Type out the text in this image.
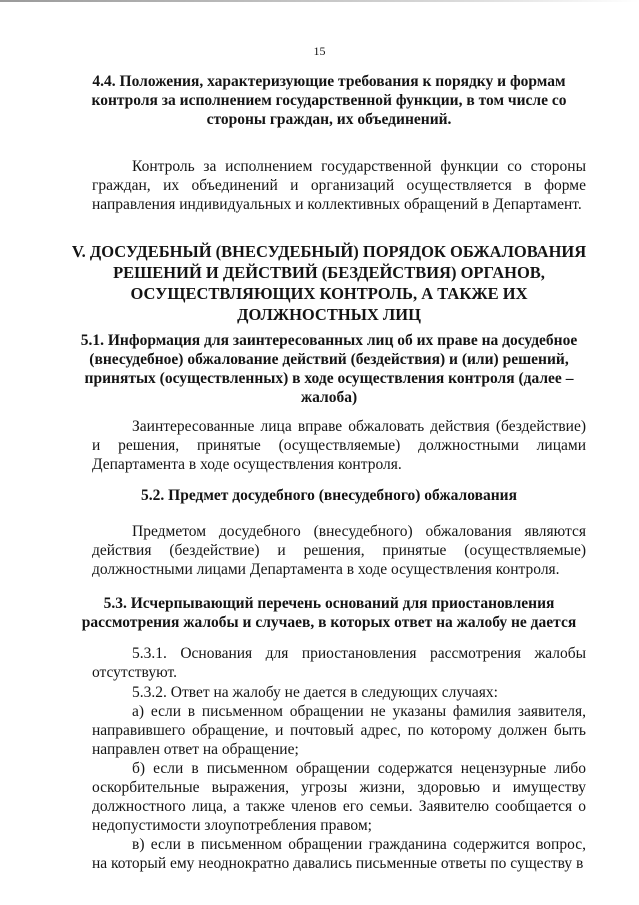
15
4.4. Положения, характеризующие требования к порядку и формам контроля за исполнением государственной функции, в том числе со стороны граждан, их объединений.
Контроль за исполнением государственной функции со стороны граждан, их объединений и организаций осуществляется в форме направления индивидуальных и коллективных обращений в Департамент.
V. ДОСУДЕБНЫЙ (ВНЕСУДЕБНЫЙ) ПОРЯДОК ОБЖАЛОВАНИЯ РЕШЕНИЙ И ДЕЙСТВИЙ (БЕЗДЕЙСТВИЯ) ОРГАНОВ, ОСУЩЕСТВЛЯЮЩИХ КОНТРОЛЬ, А ТАКЖЕ ИХ ДОЛЖНОСТНЫХ ЛИЦ
5.1. Информация для заинтересованных лиц об их праве на досудебное (внесудебное) обжалование действий (бездействия) и (или) решений, принятых (осуществленных) в ходе осуществления контроля (далее – жалоба)
Заинтересованные лица вправе обжаловать действия (бездействие) и решения, принятые (осуществляемые) должностными лицами Департамента в ходе осуществления контроля.
5.2. Предмет досудебного (внесудебного) обжалования
Предметом досудебного (внесудебного) обжалования являются действия (бездействие) и решения, принятые (осуществляемые) должностными лицами Департамента в ходе осуществления контроля.
5.3. Исчерпывающий перечень оснований для приостановления рассмотрения жалобы и случаев, в которых ответ на жалобу не дается
5.3.1. Основания для приостановления рассмотрения жалобы отсутствуют.
5.3.2. Ответ на жалобу не дается в следующих случаях:
а) если в письменном обращении не указаны фамилия заявителя, направившего обращение, и почтовый адрес, по которому должен быть направлен ответ на обращение;
б) если в письменном обращении содержатся нецензурные либо оскорбительные выражения, угрозы жизни, здоровью и имуществу должностного лица, а также членов его семьи. Заявителю сообщается о недопустимости злоупотребления правом;
в) если в письменном обращении гражданина содержится вопрос, на который ему неоднократно давались письменные ответы по существу в
